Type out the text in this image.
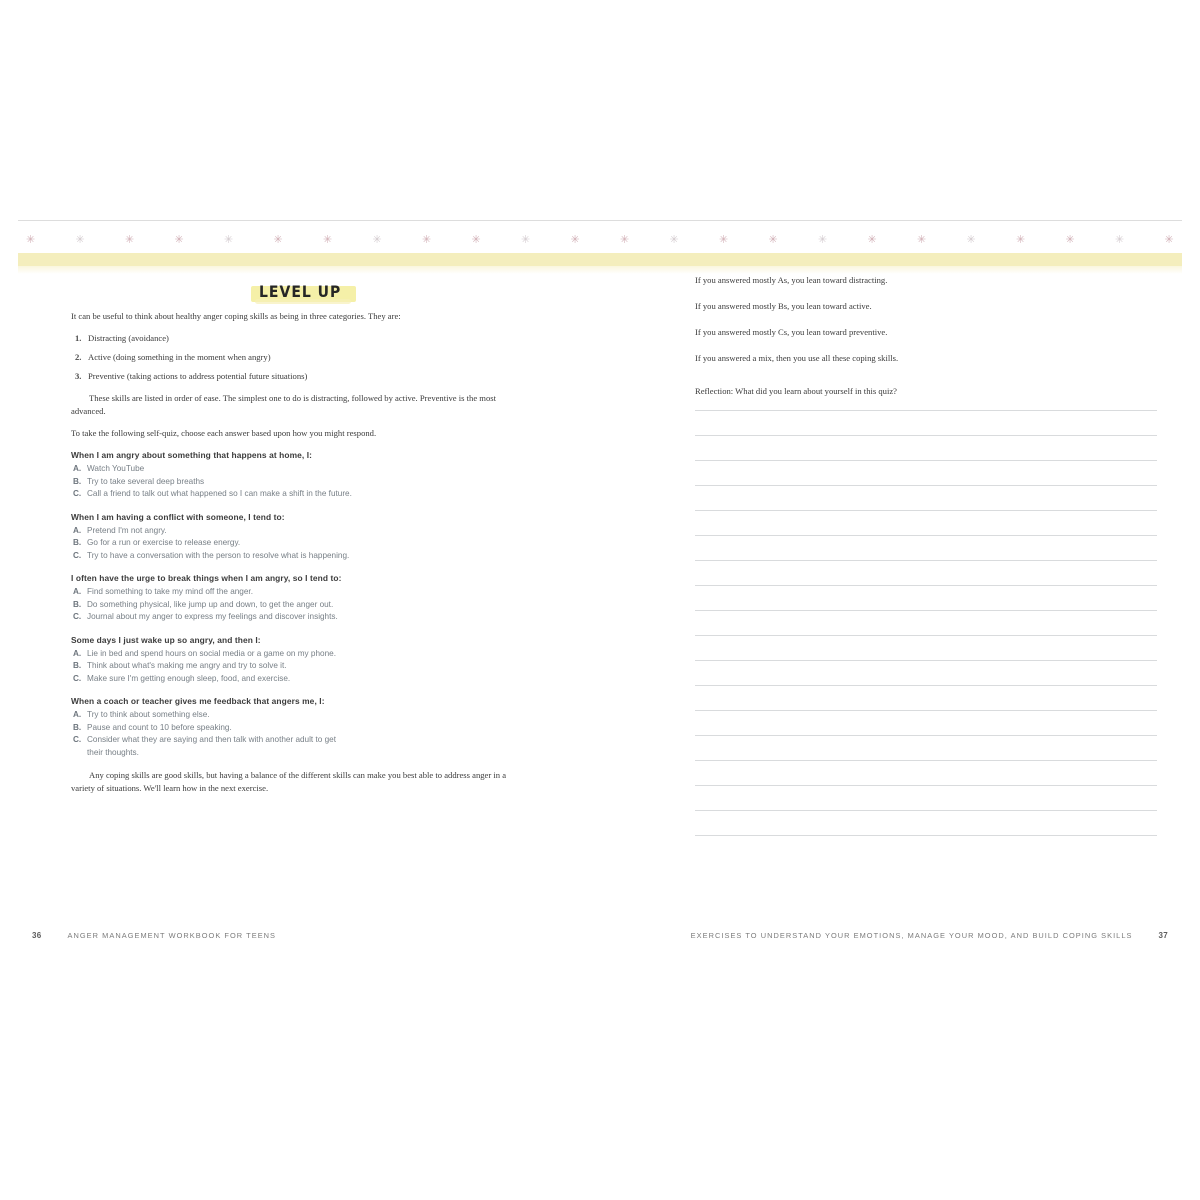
✳	✳	✳	✳	✳	✳	✳	✳	✳	✳	✳	✳	✳	✳	✳	✳	✳	✳	✳	✳	✳	✳	✳	✳
LEVEL UP

It can be useful to think about healthy anger coping skills as being in three categories. They are:

1. Distracting (avoidance)
2. Active (doing something in the moment when angry)
3. Preventive (taking actions to address potential future situations)

These skills are listed in order of ease. The simplest one to do is distracting, followed by active. Preventive is the most advanced.

To take the following self-quiz, choose each answer based upon how you might respond.

When I am angry about something that happens at home, I:

A. Watch YouTube

B. Try to take several deep breaths

C. Call a friend to talk out what happened so I can make a shift in the future.

When I am having a conflict with someone, I tend to:

A. Pretend I'm not angry.

B. Go for a run or exercise to release energy.

C. Try to have a conversation with the person to resolve what is happening.

I often have the urge to break things when I am angry, so I tend to:

A. Find something to take my mind off the anger.

B. Do something physical, like jump up and down, to get the anger out.

C. Journal about my anger to express my feelings and discover insights.

Some days I just wake up so angry, and then I:

A. Lie in bed and spend hours on social media or a game on my phone.

B. Think about what's making me angry and try to solve it.

C. Make sure I'm getting enough sleep, food, and exercise.

When a coach or teacher gives me feedback that angers me, I:

A. Try to think about something else.

B. Pause and count to 10 before speaking.

C. Consider what they are saying and then talk with another adult to get
their thoughts.

Any coping skills are good skills, but having a balance of the different skills can make you best able to address anger in a variety of situations. We'll learn how in the next exercise.

If you answered mostly As, you lean toward distracting.

If you answered mostly Bs, you lean toward active.

If you answered mostly Cs, you lean toward preventive.

If you answered a mix, then you use all these coping skills.

Reflection: What did you learn about yourself in this quiz?

36	ANGER MANAGEMENT WORKBOOK FOR TEENS	EXERCISES TO UNDERSTAND YOUR EMOTIONS, MANAGE YOUR MOOD, AND BUILD COPING SKILLS	37
